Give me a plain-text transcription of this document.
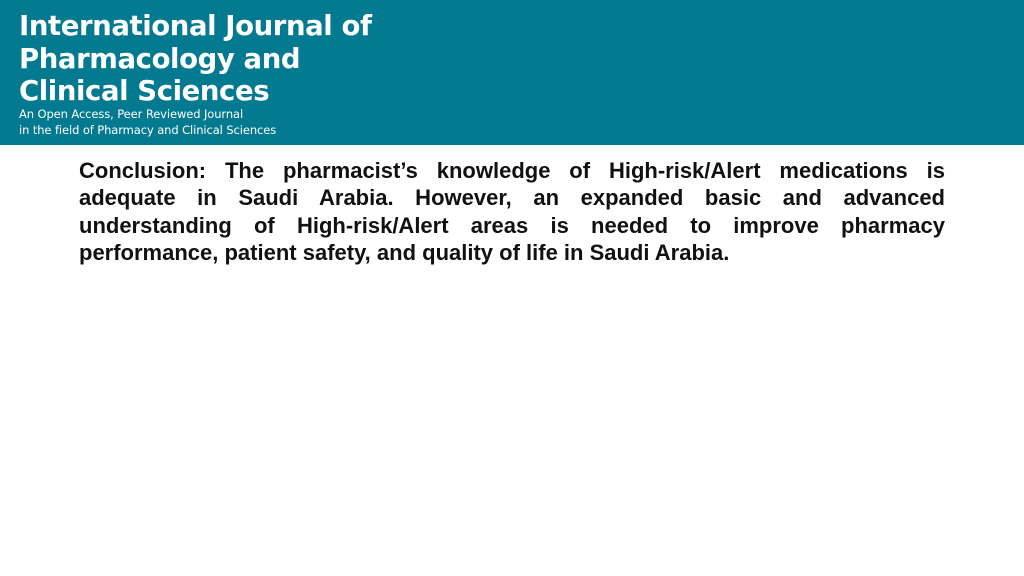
International Journal of
Pharmacology and
Clinical Sciences
An Open Access, Peer Reviewed Journal
in the field of Pharmacy and Clinical Sciences

Conclusion: The pharmacist’s knowledge of High-risk/Alert medications is adequate in Saudi Arabia. However, an expanded basic and advanced understanding of High-risk/Alert areas is needed to improve pharmacy performance, patient safety, and quality of life in Saudi Arabia.
